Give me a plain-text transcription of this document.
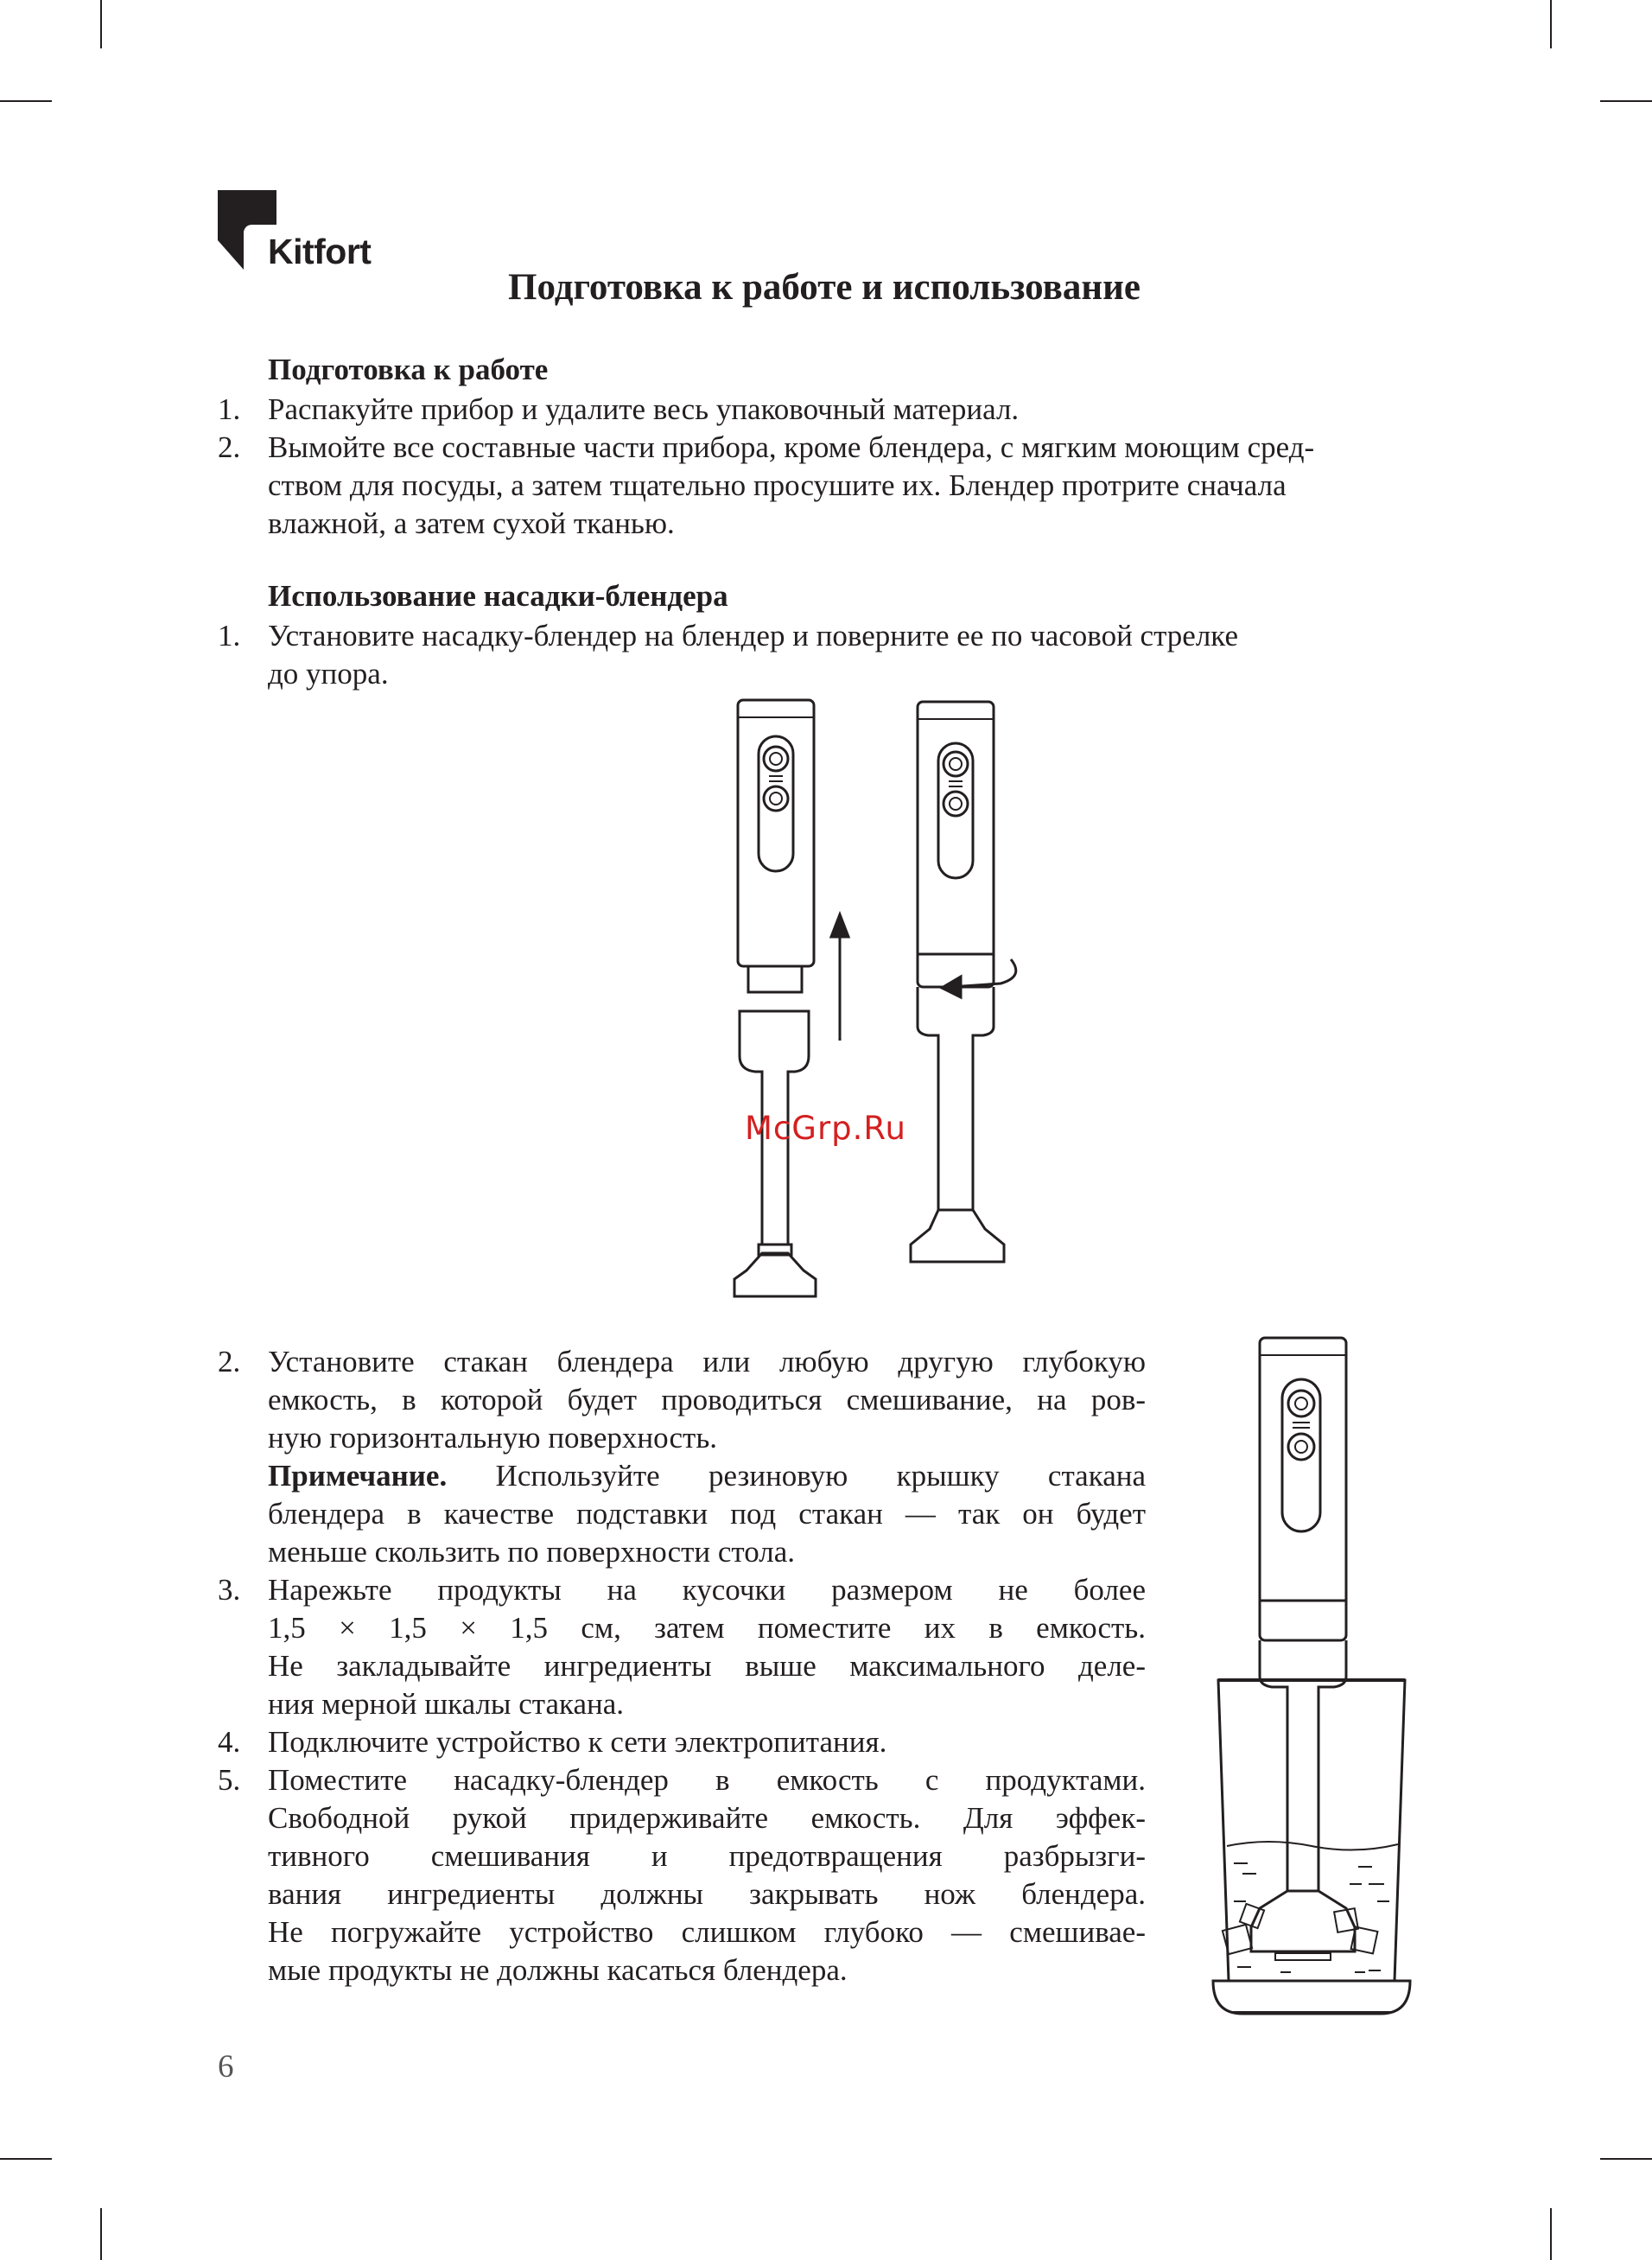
Kitfort
Подготовка к работе и использование
Подготовка к работе
1. Распакуйте прибор и удалите весь упаковочный материал.
2. Вымойте все составные части прибора, кроме блендера, с мягким моющим сред-
ством для посуды, а затем тщательно просушите их. Блендер протрите сначала
влажной, а затем сухой тканью.
Использование насадки-блендера
1. Установите насадку-блендер на блендер и поверните ее по часовой стрелке
до упора.
McGrp.Ru
2. Установите стакан блендера или любую другую глубокую
емкость, в которой будет проводиться смешивание, на ров-
ную горизонтальную поверхность.
Примечание. Используйте резиновую крышку стакана
блендера в качестве подставки под стакан — так он будет
меньше скользить по поверхности стола.
3. Нарежьте продукты на кусочки размером не более
1,5 × 1,5 × 1,5 см, затем поместите их в емкость.
Не закладывайте ингредиенты выше максимального деле-
ния мерной шкалы стакана.
4. Подключите устройство к сети электропитания.
5. Поместите насадку-блендер в емкость с продуктами.
Свободной рукой придерживайте емкость. Для эффек-
тивного смешивания и предотвращения разбрызги-
вания ингредиенты должны закрывать нож блендера.
Не погружайте устройство слишком глубоко — смешивае-
мые продукты не должны касаться блендера.
6
